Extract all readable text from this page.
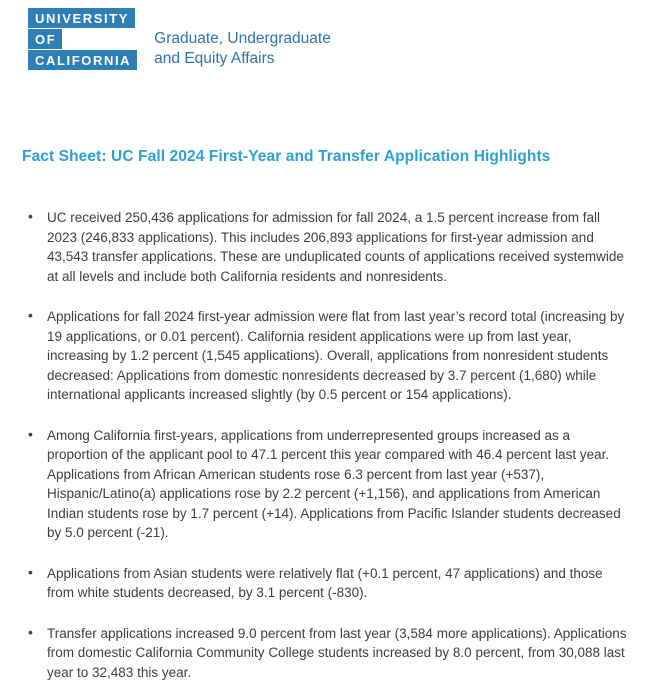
UNIVERSITY
OF
CALIFORNIA
Graduate, Undergraduate
and Equity Affairs
Fact Sheet: UC Fall 2024 First-Year and Transfer Application Highlights
• UC received 250,436 applications for admission for fall 2024, a 1.5 percent increase from fall 2023 (246,833 applications). This includes 206,893 applications for first-year admission and 43,543 transfer applications. These are unduplicated counts of applications received systemwide at all levels and include both California residents and nonresidents.
• Applications for fall 2024 first-year admission were flat from last year’s record total (increasing by 19 applications, or 0.01 percent). California resident applications were up from last year, increasing by 1.2 percent (1,545 applications). Overall, applications from nonresident students decreased: Applications from domestic nonresidents decreased by 3.7 percent (1,680) while international applicants increased slightly (by 0.5 percent or 154 applications).
• Among California first-years, applications from underrepresented groups increased as a proportion of the applicant pool to 47.1 percent this year compared with 46.4 percent last year. Applications from African American students rose 6.3 percent from last year (+537), Hispanic/Latino(a) applications rose by 2.2 percent (+1,156), and applications from American Indian students rose by 1.7 percent (+14). Applications from Pacific Islander students decreased by 5.0 percent (-21).
• Applications from Asian students were relatively flat (+0.1 percent, 47 applications) and those from white students decreased, by 3.1 percent (-830).
• Transfer applications increased 9.0 percent from last year (3,584 more applications). Applications from domestic California Community College students increased by 8.0 percent, from 30,088 last year to 32,483 this year.
